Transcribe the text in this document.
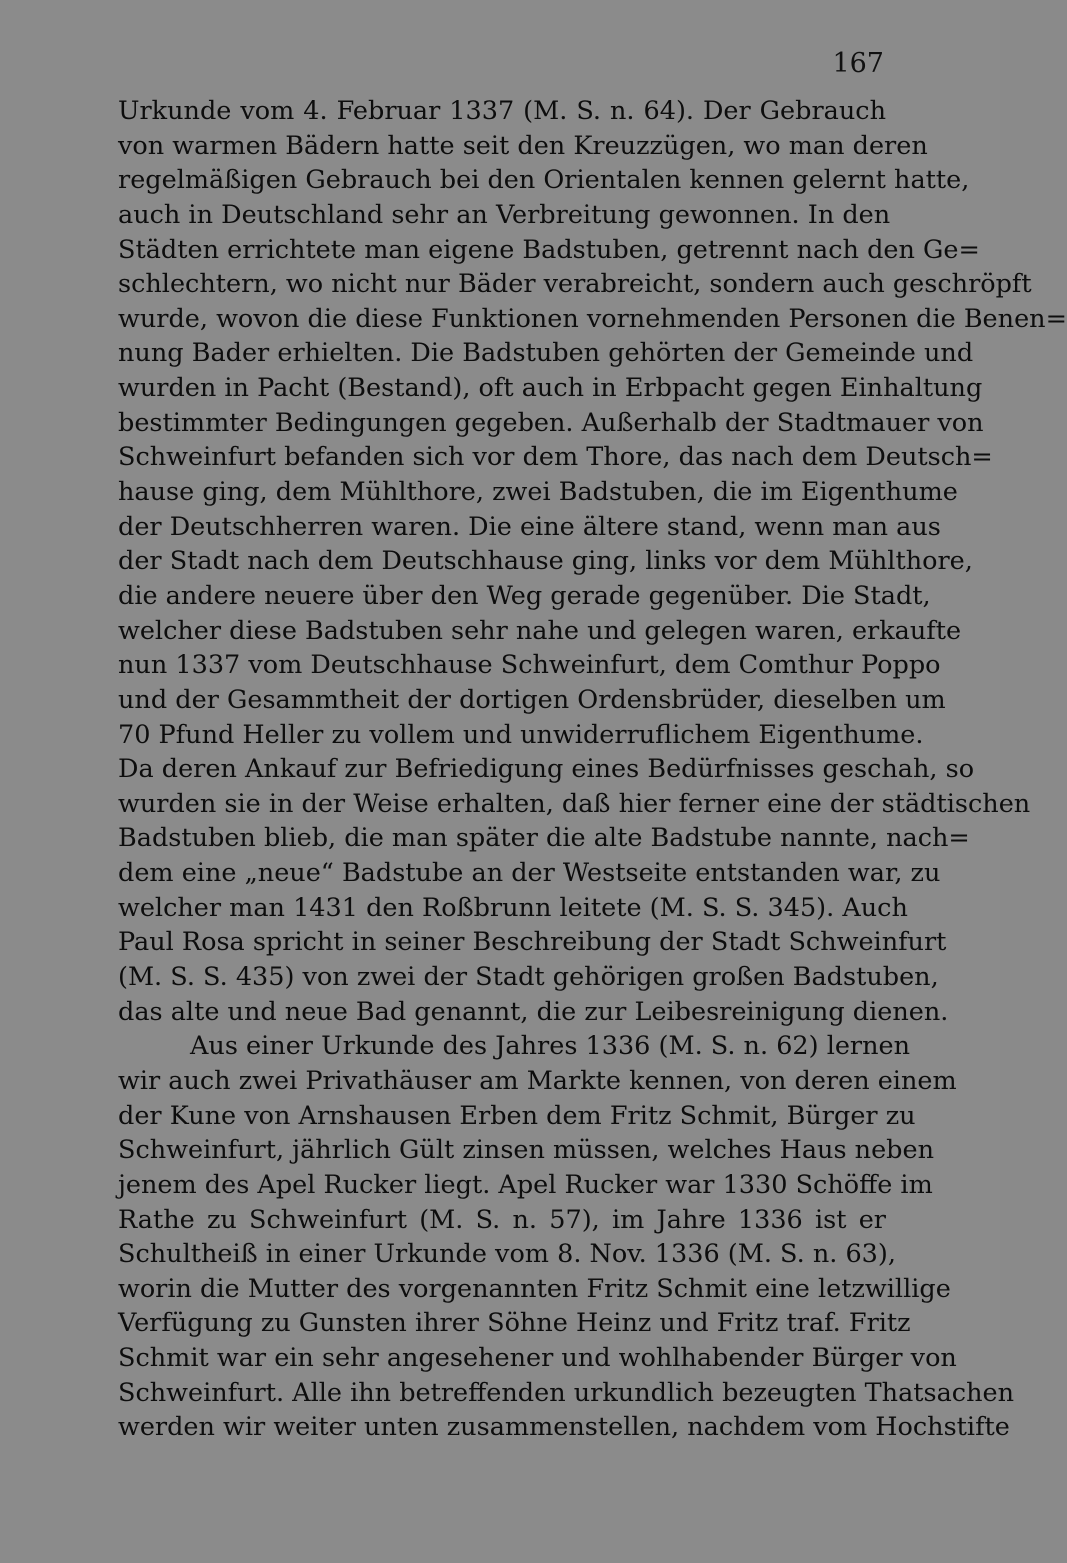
167
Urkunde vom 4. Februar 1337 (M. S. n. 64). Der Gebrauch
von warmen Bädern hatte seit den Kreuzzügen, wo man deren
regelmäßigen Gebrauch bei den Orientalen kennen gelernt hatte,
auch in Deutschland sehr an Verbreitung gewonnen. In den
Städten errichtete man eigene Badstuben, getrennt nach den Ge=
schlechtern, wo nicht nur Bäder verabreicht, sondern auch geschröpft
wurde, wovon die diese Funktionen vornehmenden Personen die Benen=
nung Bader erhielten. Die Badstuben gehörten der Gemeinde und
wurden in Pacht (Bestand), oft auch in Erbpacht gegen Einhaltung
bestimmter Bedingungen gegeben. Außerhalb der Stadtmauer von
Schweinfurt befanden sich vor dem Thore, das nach dem Deutsch=
hause ging, dem Mühlthore, zwei Badstuben, die im Eigenthume
der Deutschherren waren. Die eine ältere stand, wenn man aus
der Stadt nach dem Deutschhause ging, links vor dem Mühlthore,
die andere neuere über den Weg gerade gegenüber. Die Stadt,
welcher diese Badstuben sehr nahe und gelegen waren, erkaufte
nun 1337 vom Deutschhause Schweinfurt, dem Comthur Poppo
und der Gesammtheit der dortigen Ordensbrüder, dieselben um
70 Pfund Heller zu vollem und unwiderruflichem Eigenthume.
Da deren Ankauf zur Befriedigung eines Bedürfnisses geschah, so
wurden sie in der Weise erhalten, daß hier ferner eine der städtischen
Badstuben blieb, die man später die alte Badstube nannte, nach=
dem eine „neue“ Badstube an der Westseite entstanden war, zu
welcher man 1431 den Roßbrunn leitete (M. S. S. 345). Auch
Paul Rosa spricht in seiner Beschreibung der Stadt Schweinfurt
(M. S. S. 435) von zwei der Stadt gehörigen großen Badstuben,
das alte und neue Bad genannt, die zur Leibesreinigung dienen.
Aus einer Urkunde des Jahres 1336 (M. S. n. 62) lernen
wir auch zwei Privathäuser am Markte kennen, von deren einem
der Kune von Arnshausen Erben dem Fritz Schmit, Bürger zu
Schweinfurt, jährlich Gült zinsen müssen, welches Haus neben
jenem des Apel Rucker liegt. Apel Rucker war 1330 Schöffe im
Rathe zu Schweinfurt (M. S. n. 57), im Jahre 1336 ist er
Schultheiß in einer Urkunde vom 8. Nov. 1336 (M. S. n. 63),
worin die Mutter des vorgenannten Fritz Schmit eine letzwillige
Verfügung zu Gunsten ihrer Söhne Heinz und Fritz traf. Fritz
Schmit war ein sehr angesehener und wohlhabender Bürger von
Schweinfurt. Alle ihn betreffenden urkundlich bezeugten Thatsachen
werden wir weiter unten zusammenstellen, nachdem vom Hochstifte
